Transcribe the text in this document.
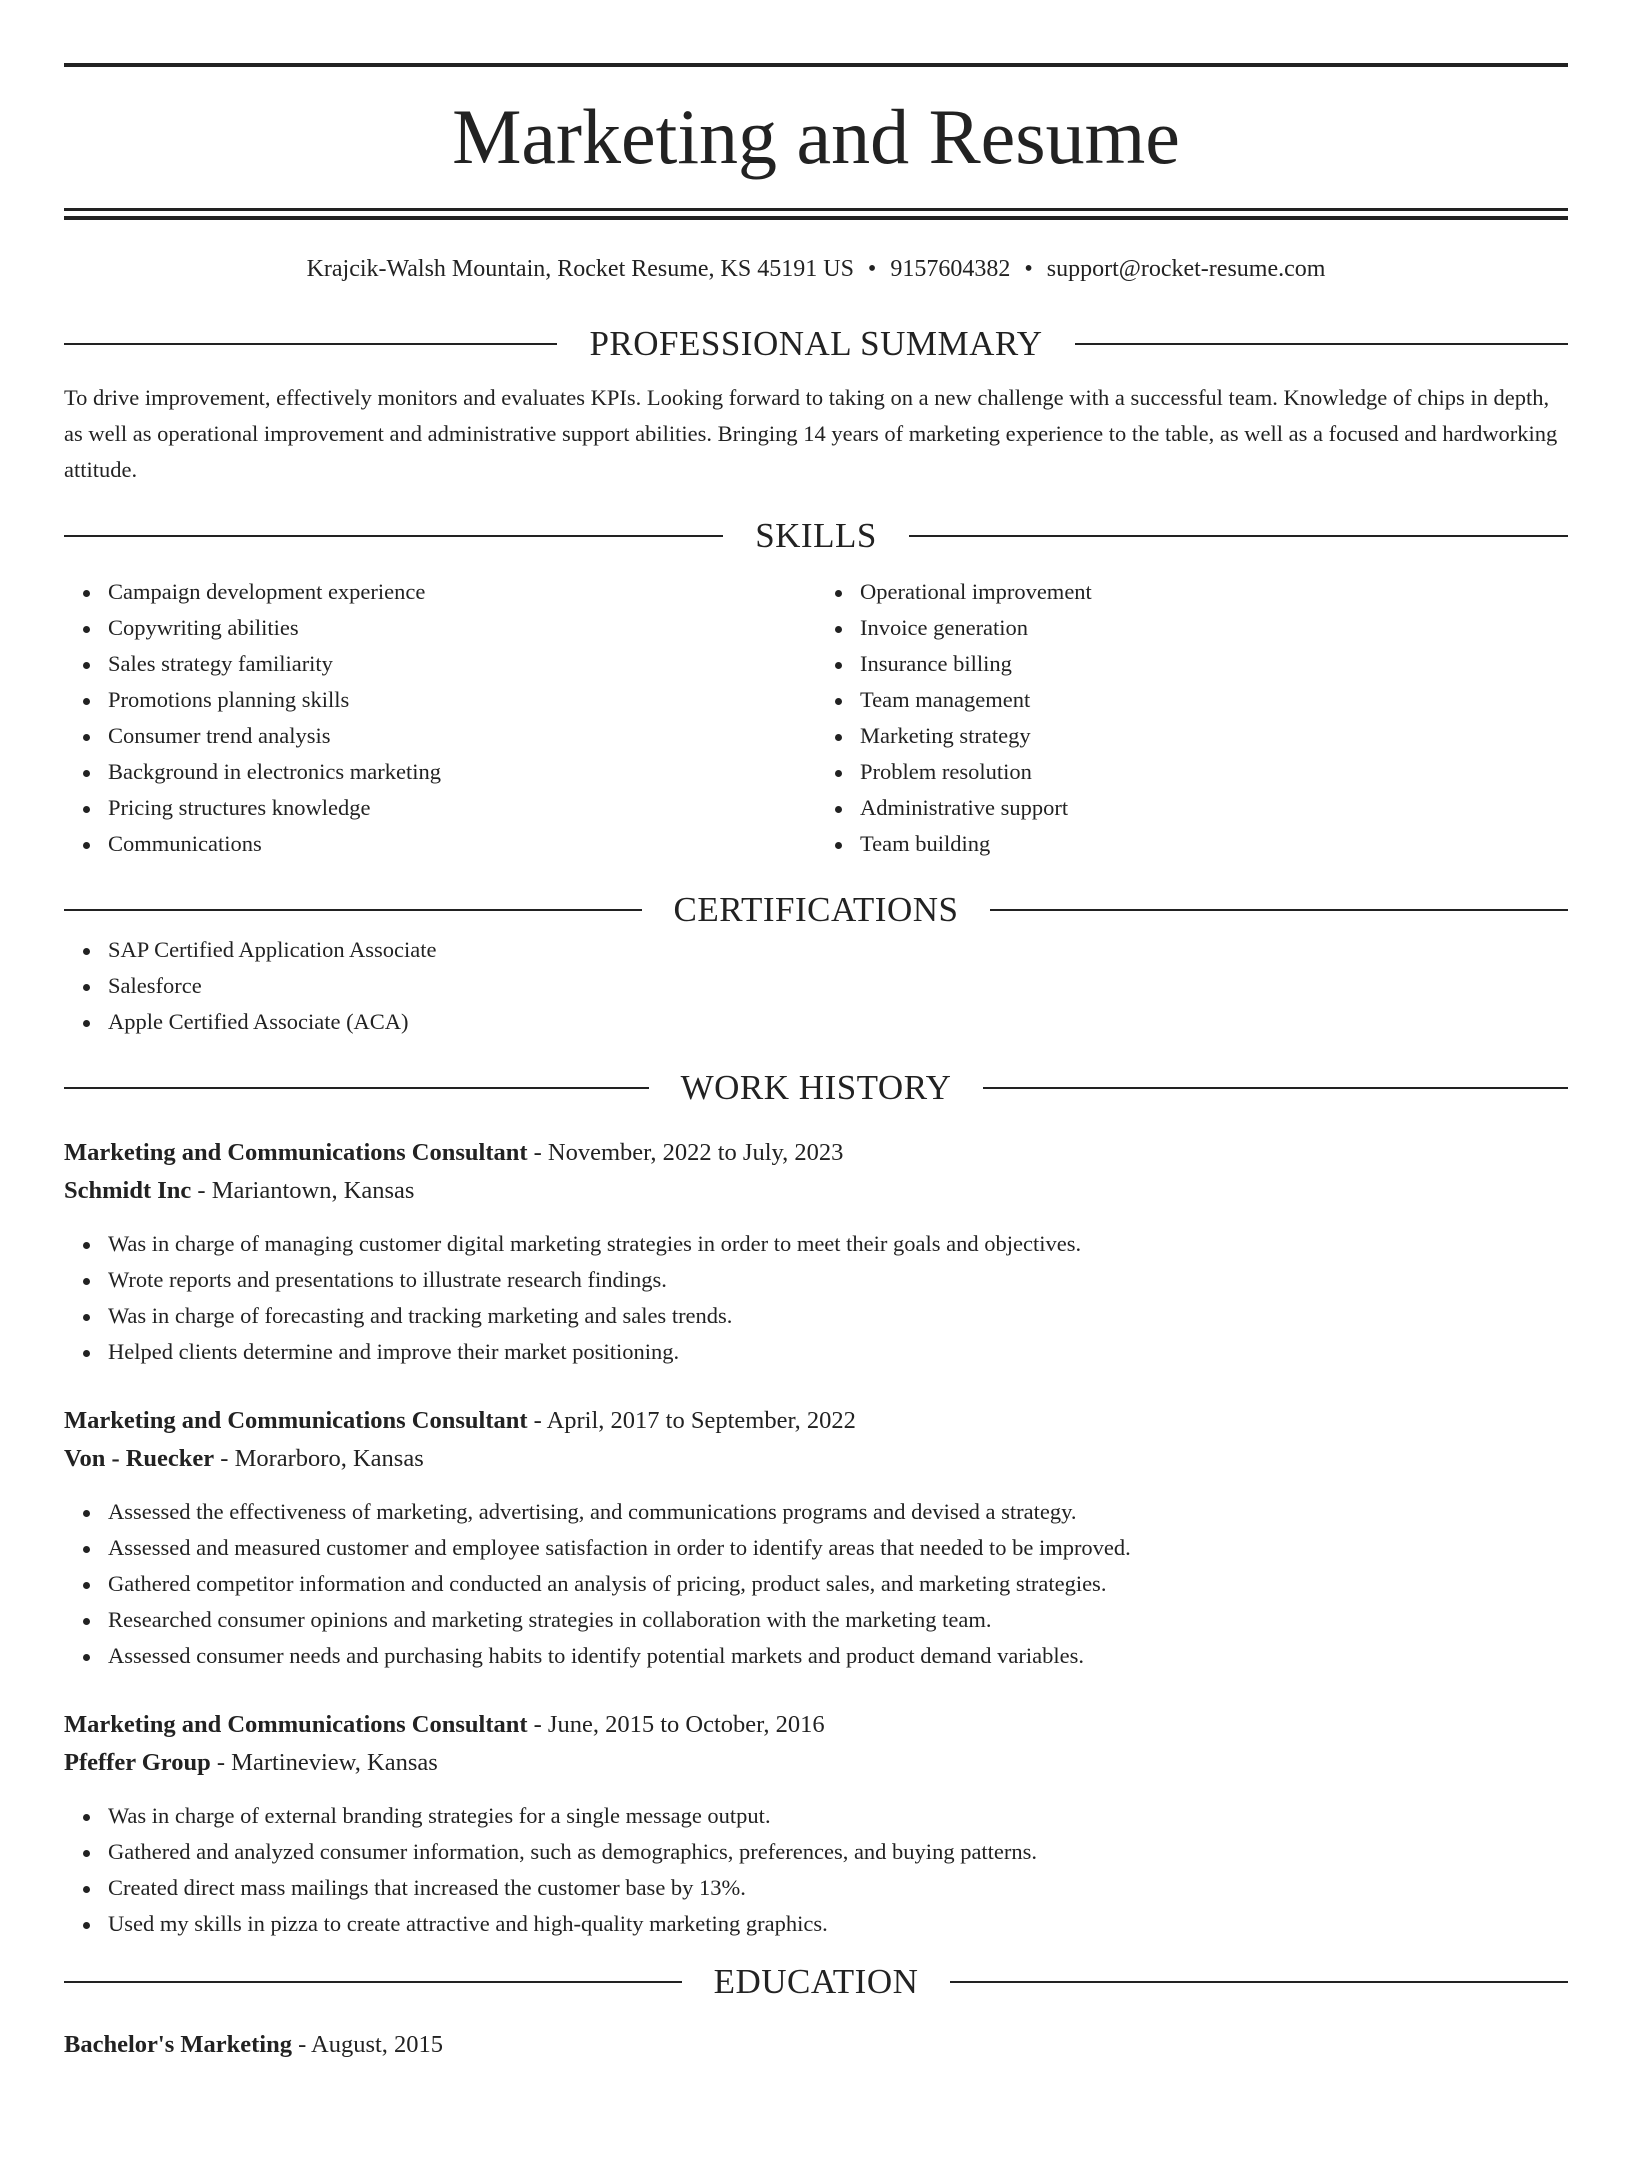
Marketing and Resume
Krajcik-Walsh Mountain, Rocket Resume, KS 45191 US • 9157604382 • support@rocket-resume.com
PROFESSIONAL SUMMARY
To drive improvement, effectively monitors and evaluates KPIs. Looking forward to taking on a new challenge with a successful team. Knowledge of chips in depth, as well as operational improvement and administrative support abilities. Bringing 14 years of marketing experience to the table, as well as a focused and hardworking attitude.
SKILLS
Campaign development experience
Copywriting abilities
Sales strategy familiarity
Promotions planning skills
Consumer trend analysis
Background in electronics marketing
Pricing structures knowledge
Communications
Operational improvement
Invoice generation
Insurance billing
Team management
Marketing strategy
Problem resolution
Administrative support
Team building
CERTIFICATIONS
SAP Certified Application Associate
Salesforce
Apple Certified Associate (ACA)
WORK HISTORY
Marketing and Communications Consultant - November, 2022 to July, 2023
Schmidt Inc - Mariantown, Kansas
Was in charge of managing customer digital marketing strategies in order to meet their goals and objectives.
Wrote reports and presentations to illustrate research findings.
Was in charge of forecasting and tracking marketing and sales trends.
Helped clients determine and improve their market positioning.
Marketing and Communications Consultant - April, 2017 to September, 2022
Von - Ruecker - Morarboro, Kansas
Assessed the effectiveness of marketing, advertising, and communications programs and devised a strategy.
Assessed and measured customer and employee satisfaction in order to identify areas that needed to be improved.
Gathered competitor information and conducted an analysis of pricing, product sales, and marketing strategies.
Researched consumer opinions and marketing strategies in collaboration with the marketing team.
Assessed consumer needs and purchasing habits to identify potential markets and product demand variables.
Marketing and Communications Consultant - June, 2015 to October, 2016
Pfeffer Group - Martineview, Kansas
Was in charge of external branding strategies for a single message output.
Gathered and analyzed consumer information, such as demographics, preferences, and buying patterns.
Created direct mass mailings that increased the customer base by 13%.
Used my skills in pizza to create attractive and high-quality marketing graphics.
EDUCATION
Bachelor's Marketing - August, 2015
